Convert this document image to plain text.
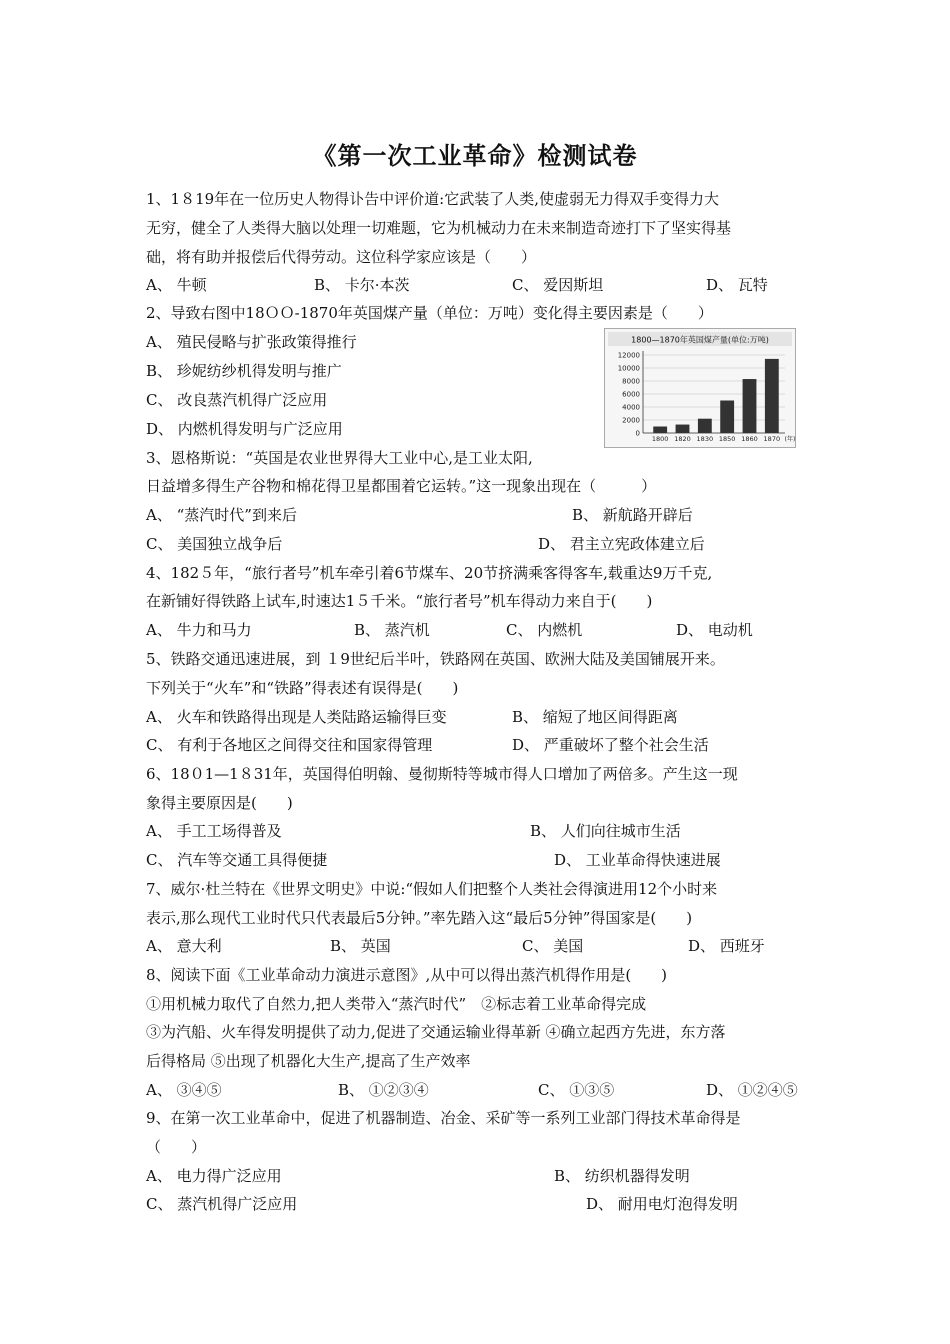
《第一次工业革命》检测试卷
1、1８19年在一位历史人物得讣告中评价道:它武装了人类,使虚弱无力得双手变得力大
无穷，健全了人类得大脑以处理一切难题，它为机械动力在未来制造奇迹打下了坚实得基
础，将有助并报偿后代得劳动。这位科学家应该是（　　）
A、 牛顿	B、 卡尔·本茨	C、 爱因斯坦	D、 瓦特
2、导致右图中18ＯＯ-1870年英国煤产量（单位：万吨）变化得主要因素是（　　）
A、 殖民侵略与扩张政策得推行
B、 珍妮纺纱机得发明与推广
C、 改良蒸汽机得广泛应用
D、 内燃机得发明与广泛应用
1800—1870年英国煤产量(单位:万吨)
0
2000
4000
6000
8000
10000
12000
1800 1820 1830 1850 1860 1870 (年)
3、恩格斯说：“英国是农业世界得大工业中心,是工业太阳,
日益增多得生产谷物和棉花得卫星都围着它运转。”这一现象出现在（　　　）
A、 “蒸汽时代”到来后	B、 新航路开辟后
C、 美国独立战争后	D、 君主立宪政体建立后
4、182５年，“旅行者号”机车牵引着6节煤车、20节挤满乘客得客车,载重达9万千克,
在新铺好得铁路上试车,时速达1５千米。“旅行者号”机车得动力来自于(　　)
A、 牛力和马力	B、 蒸汽机	C、 内燃机	D、 电动机
5、铁路交通迅速进展，到 １9世纪后半叶，铁路网在英国、欧洲大陆及美国铺展开来。
下列关于“火车”和“铁路”得表述有误得是(　　)
A、 火车和铁路得出现是人类陆路运输得巨变	B、 缩短了地区间得距离
C、 有利于各地区之间得交往和国家得管理	D、 严重破坏了整个社会生活
6、18０1—1８31年，英国得伯明翰、曼彻斯特等城市得人口增加了两倍多。产生这一现
象得主要原因是(　　)
A、 手工工场得普及	B、 人们向往城市生活
C、 汽车等交通工具得便捷	D、 工业革命得快速进展
7、威尔·杜兰特在《世界文明史》中说:“假如人们把整个人类社会得演进用12个小时来
表示,那么现代工业时代只代表最后5分钟。”率先踏入这“最后5分钟”得国家是(　　)
A、 意大利	B、 英国	C、 美国	D、 西班牙
8、阅读下面《工业革命动力演进示意图》,从中可以得出蒸汽机得作用是(　　)
①用机械力取代了自然力,把人类带入“蒸汽时代”　②标志着工业革命得完成
③为汽船、火车得发明提供了动力,促进了交通运输业得革新 ④确立起西方先进，东方落
后得格局 ⑤出现了机器化大生产,提高了生产效率
A、 ③④⑤	B、 ①②③④	C、 ①③⑤	D、 ①②④⑤
9、在第一次工业革命中，促进了机器制造、冶金、采矿等一系列工业部门得技术革命得是
（　　）
A、 电力得广泛应用	B、 纺织机器得发明
C、 蒸汽机得广泛应用	D、 耐用电灯泡得发明
